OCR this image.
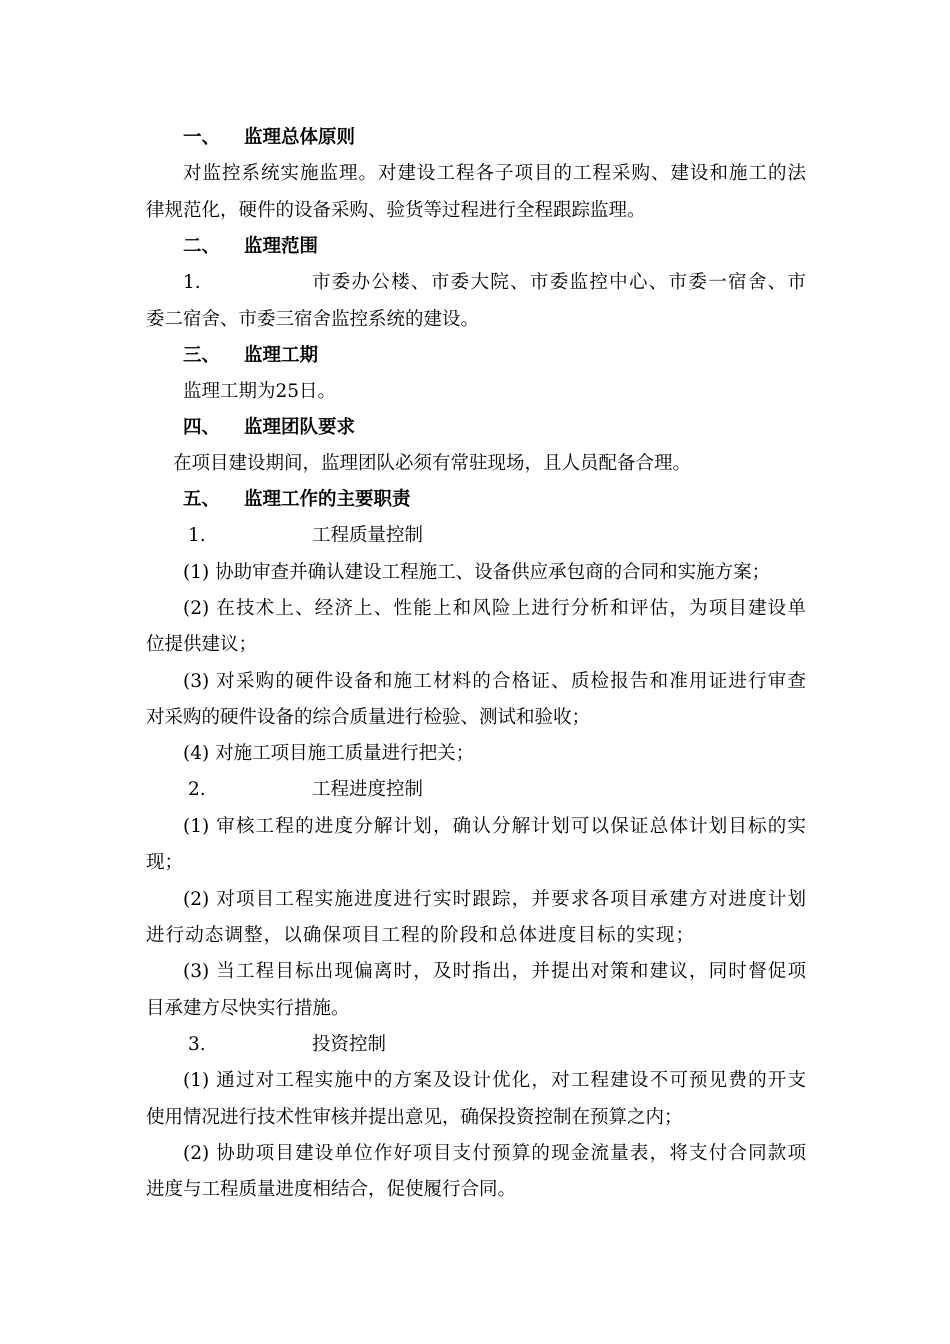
一、 监理总体原则
对监控系统实施监理。对建设工程各子项目的工程采购、建设和施工的法
律规范化，硬件的设备采购、验货等过程进行全程跟踪监理。
二、 监理范围
1.	市委办公楼、市委大院、市委监控中心、市委一宿舍、市
委二宿舍、市委三宿舍监控系统的建设。
三、 监理工期
监理工期为25日。
四、 监理团队要求
在项目建设期间，监理团队必须有常驻现场，且人员配备合理。
五、 监理工作的主要职责
1.	工程质量控制
(1) 协助审查并确认建设工程施工、设备供应承包商的合同和实施方案；
(2) 在技术上、经济上、性能上和风险上进行分析和评估，为项目建设单
位提供建议；
(3) 对采购的硬件设备和施工材料的合格证、质检报告和准用证进行审查
对采购的硬件设备的综合质量进行检验、测试和验收；
(4) 对施工项目施工质量进行把关；
2.	工程进度控制
(1) 审核工程的进度分解计划，确认分解计划可以保证总体计划目标的实
现；
(2) 对项目工程实施进度进行实时跟踪，并要求各项目承建方对进度计划
进行动态调整，以确保项目工程的阶段和总体进度目标的实现；
(3) 当工程目标出现偏离时，及时指出，并提出对策和建议，同时督促项
目承建方尽快实行措施。
3.	投资控制
(1) 通过对工程实施中的方案及设计优化，对工程建设不可预见费的开支
使用情况进行技术性审核并提出意见，确保投资控制在预算之内；
(2) 协助项目建设单位作好项目支付预算的现金流量表，将支付合同款项
进度与工程质量进度相结合，促使履行合同。
